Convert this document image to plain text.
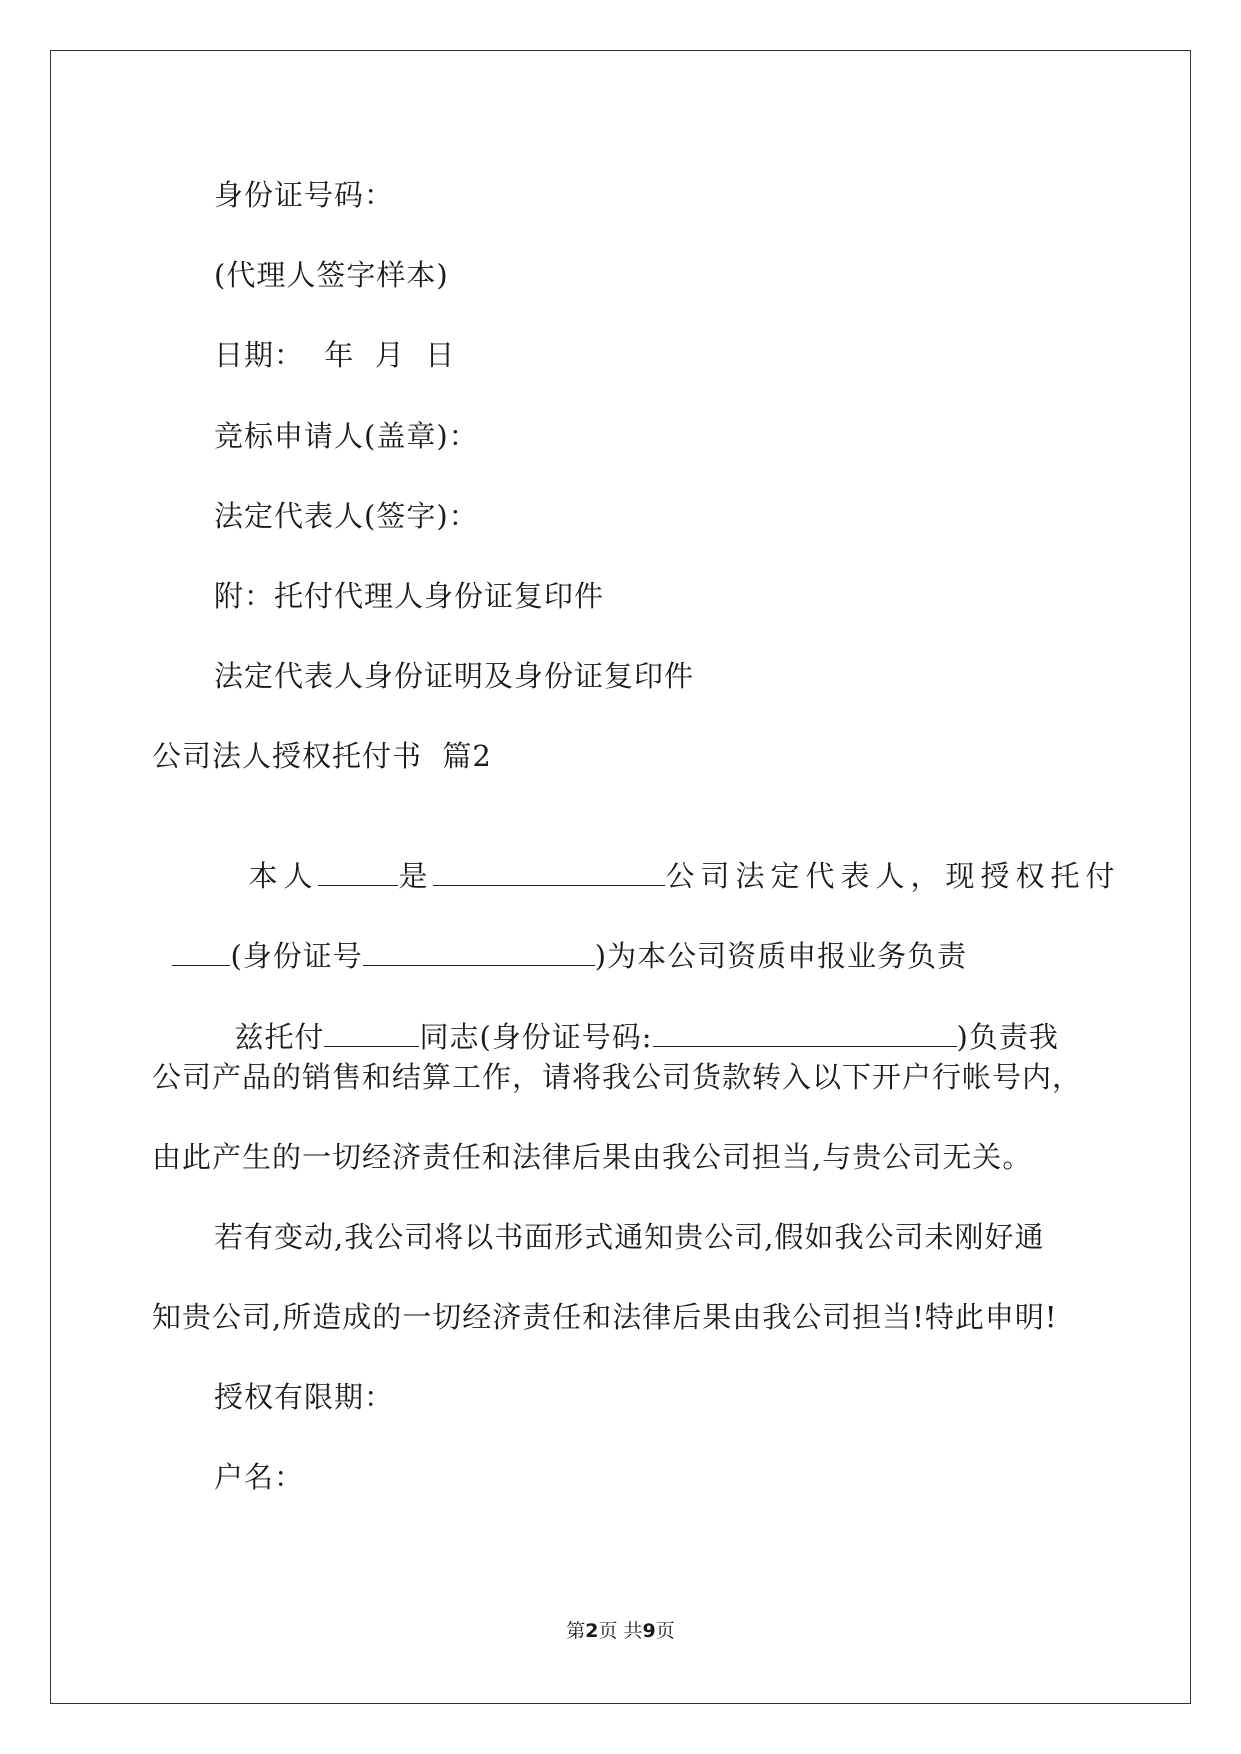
身份证号码：
(代理人签字样本)
日期：  年  月  日
竞标申请人(盖章)：
法定代表人(签字)：
附：托付代理人身份证复印件
法定代表人身份证明及身份证复印件
公司法人授权托付书  篇2

本人	是	公司法定代表人，现授权托付

(身份证号	)为本公司资质申报业务负责

兹托付	同志(身份证号码:	)负责我

公司产品的销售和结算工作，请将我公司货款转入以下开户行帐号内，
由此产生的一切经济责任和法律后果由我公司担当,与贵公司无关。
若有变动,我公司将以书面形式通知贵公司,假如我公司未刚好通
知贵公司,所造成的一切经济责任和法律后果由我公司担当!特此申明!
授权有限期：
户名：
第2页 共9页
